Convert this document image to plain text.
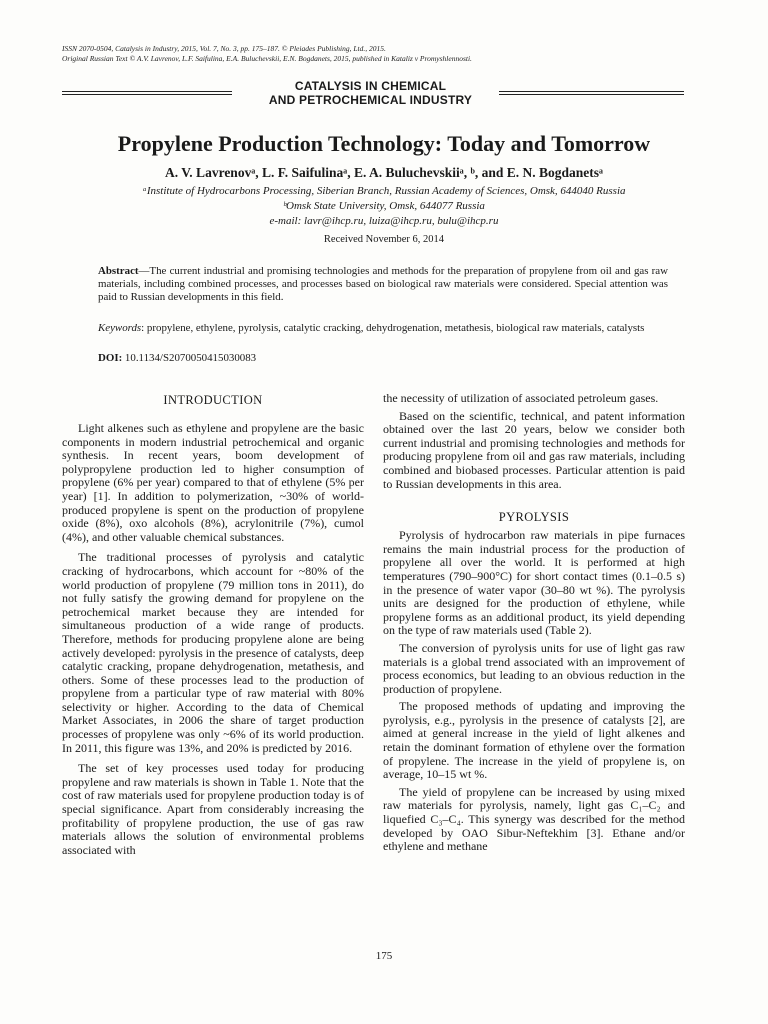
ISSN 2070-0504, Catalysis in Industry, 2015, Vol. 7, No. 3, pp. 175–187. © Pleiades Publishing, Ltd., 2015.
Original Russian Text © A.V. Lavrenov, L.F. Saifulina, E.A. Buluchevskii, E.N. Bogdanets, 2015, published in Kataliz v Promyshlennosti.
CATALYSIS IN CHEMICAL
AND PETROCHEMICAL INDUSTRY
Propylene Production Technology: Today and Tomorrow
A. V. Lavrenovᵃ, L. F. Saifulinaᵃ, E. A. Buluchevskiiᵃ, ᵇ, and E. N. Bogdanetsᵃ
ᵃInstitute of Hydrocarbons Processing, Siberian Branch, Russian Academy of Sciences, Omsk, 644040 Russia
ᵇOmsk State University, Omsk, 644077 Russia
e-mail: lavr@ihcp.ru, luiza@ihcp.ru, bulu@ihcp.ru
Received November 6, 2014
Abstract—The current industrial and promising technologies and methods for the preparation of propylene from oil and gas raw materials, including combined processes, and processes based on biological raw materials were considered. Special attention was paid to Russian developments in this field.
Keywords: propylene, ethylene, pyrolysis, catalytic cracking, dehydrogenation, metathesis, biological raw materials, catalysts
DOI: 10.1134/S2070050415030083
INTRODUCTION

Light alkenes such as ethylene and propylene are the basic components in modern industrial petrochemical and organic synthesis. In recent years, boom development of polypropylene production led to higher consumption of propylene (6% per year) compared to that of ethylene (5% per year) [1]. In addition to polymerization, ~30% of world-produced propylene is spent on the production of propylene oxide (8%), oxo alcohols (8%), acrylonitrile (7%), cumol (4%), and other valuable chemical substances.

The traditional processes of pyrolysis and catalytic cracking of hydrocarbons, which account for ~80% of the world production of propylene (79 million tons in 2011), do not fully satisfy the growing demand for propylene on the petrochemical market because they are intended for simultaneous production of a wide range of products. Therefore, methods for producing propylene alone are being actively developed: pyrolysis in the presence of catalysts, deep catalytic cracking, propane dehydrogenation, metathesis, and others. Some of these processes lead to the production of propylene from a particular type of raw material with 80% selectivity or higher. According to the data of Chemical Market Associates, in 2006 the share of target production processes of propylene was only ~6% of its world production. In 2011, this figure was 13%, and 20% is predicted by 2016.

The set of key processes used today for producing propylene and raw materials is shown in Table 1. Note that the cost of raw materials used for propylene production today is of special significance. Apart from considerably increasing the profitability of propylene production, the use of gas raw materials allows the solution of environmental problems associated with

the necessity of utilization of associated petroleum gases.

Based on the scientific, technical, and patent information obtained over the last 20 years, below we consider both current industrial and promising technologies and methods for producing propylene from oil and gas raw materials, including combined and biobased processes. Particular attention is paid to Russian developments in this area.

PYROLYSIS

Pyrolysis of hydrocarbon raw materials in pipe furnaces remains the main industrial process for the production of propylene all over the world. It is performed at high temperatures (790–900°C) for short contact times (0.1–0.5 s) in the presence of water vapor (30–80 wt %). The pyrolysis units are designed for the production of ethylene, while propylene forms as an additional product, its yield depending on the type of raw materials used (Table 2).

The conversion of pyrolysis units for use of light gas raw materials is a global trend associated with an improvement of process economics, but leading to an obvious reduction in the production of propylene.

The proposed methods of updating and improving the pyrolysis, e.g., pyrolysis in the presence of catalysts [2], are aimed at general increase in the yield of light alkenes and retain the dominant formation of ethylene over the formation of propylene. The increase in the yield of propylene is, on average, 10–15 wt %.

The yield of propylene can be increased by using mixed raw materials for pyrolysis, namely, light gas C₁–C₂ and liquefied C₃–C₄. This synergy was described for the method developed by OAO Sibur-Neftekhim [3]. Ethane and/or ethylene and methane

175
